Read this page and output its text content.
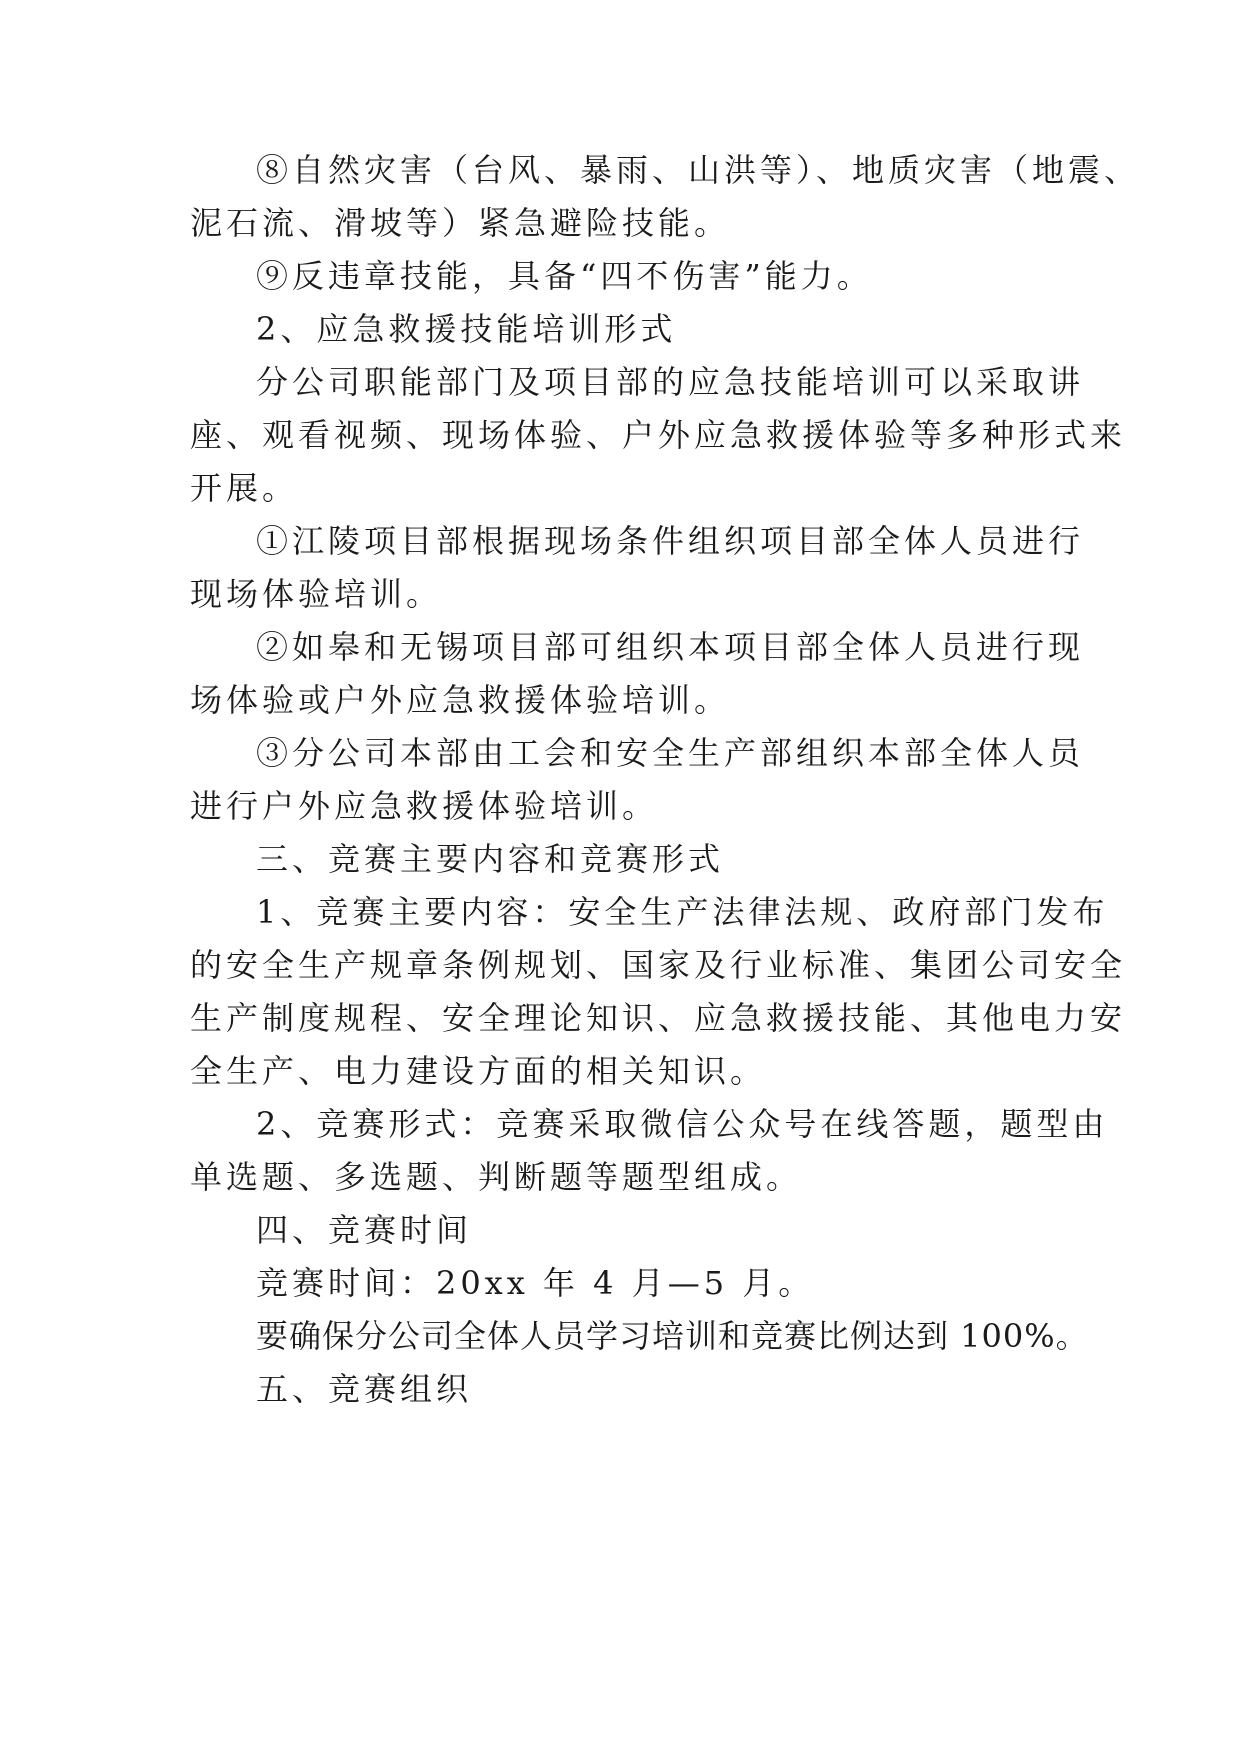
⑧自然灾害（台风、暴雨、山洪等）、地质灾害（地震、
泥石流、滑坡等）紧急避险技能。
⑨反违章技能，具备“四不伤害”能力。
2、应急救援技能培训形式
分公司职能部门及项目部的应急技能培训可以采取讲
座、观看视频、现场体验、户外应急救援体验等多种形式来
开展。
①江陵项目部根据现场条件组织项目部全体人员进行
现场体验培训。
②如皋和无锡项目部可组织本项目部全体人员进行现
场体验或户外应急救援体验培训。
③分公司本部由工会和安全生产部组织本部全体人员
进行户外应急救援体验培训。
三、竞赛主要内容和竞赛形式
1、竞赛主要内容：安全生产法律法规、政府部门发布
的安全生产规章条例规划、国家及行业标准、集团公司安全
生产制度规程、安全理论知识、应急救援技能、其他电力安
全生产、电力建设方面的相关知识。
2、竞赛形式：竞赛采取微信公众号在线答题，题型由
单选题、多选题、判断题等题型组成。
四、竞赛时间
竞赛时间：20xx 年 4 月—5 月。
要确保分公司全体人员学习培训和竞赛比例达到 100%。
五、竞赛组织
